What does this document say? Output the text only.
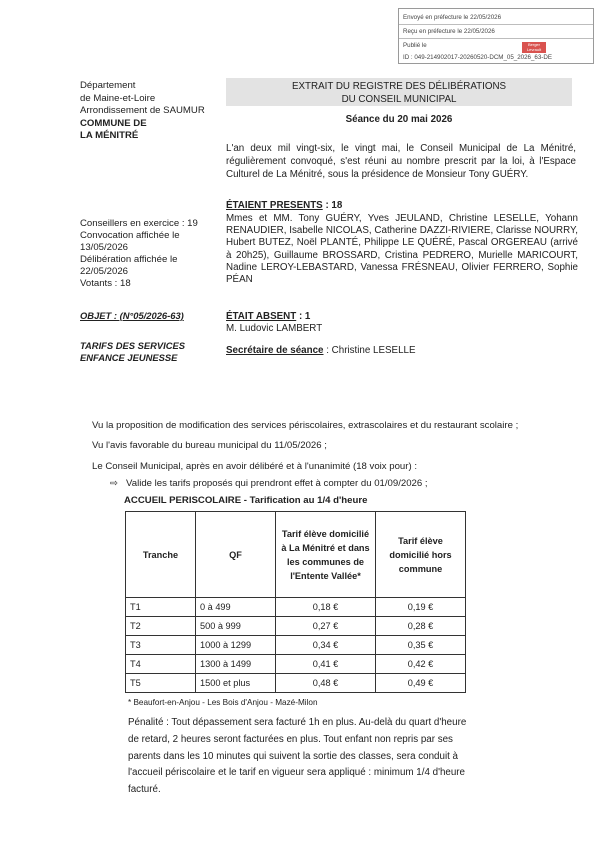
Envoyé en préfecture le 22/05/2026
Reçu en préfecture le 22/05/2026
Publié le	Berger Levrault
ID : 049-214902017-20260520-DCM_05_2026_63-DE
Département
de Maine-et-Loire
Arrondissement de SAUMUR
COMMUNE DE
LA MÉNITRÉ
Conseillers en exercice : 19
Convocation affichée le
13/05/2026
Délibération affichée le
22/05/2026
Votants : 18
OBJET : (N°05/2026-63)
TARIFS DES SERVICES
ENFANCE JEUNESSE
EXTRAIT DU REGISTRE DES DÉLIBÉRATIONS
DU CONSEIL MUNICIPAL
Séance du 20 mai 2026
L'an deux mil vingt-six, le vingt mai, le Conseil Municipal de La Ménitré, régulièrement convoqué, s'est réuni au nombre prescrit par la loi, à l'Espace Culturel de La Ménitré, sous la présidence de Monsieur Tony GUÉRY.
ÉTAIENT PRESENTS : 18
Mmes et MM. Tony GUÉRY, Yves JEULAND, Christine LESELLE, Yohann RENAUDIER, Isabelle NICOLAS, Catherine DAZZI-RIVIERE, Clarisse NOURRY, Hubert BUTEZ, Noël PLANTÉ, Philippe LE QUÉRÉ, Pascal ORGEREAU (arrivé à 20h25), Guillaume BROSSARD, Cristina PEDRERO, Murielle MARICOURT, Nadine LEROY-LEBASTARD, Vanessa FRÉSNEAU, Olivier FERRERO, Sophie PÉAN
ÉTAIT ABSENT : 1
M. Ludovic LAMBERT
Secrétaire de séance : Christine LESELLE
Vu la proposition de modification des services périscolaires, extrascolaires et du restaurant scolaire ;
Vu l'avis favorable du bureau municipal du 11/05/2026 ;
Le Conseil Municipal, après en avoir délibéré et à l'unanimité (18 voix pour) :
⇨ Valide les tarifs proposés qui prendront effet à compter du 01/09/2026 ;
ACCUEIL PERISCOLAIRE - Tarification au 1/4 d'heure
Tranche	QF	Tarif élève domicilié à La Ménitré et dans les communes de l'Entente Vallée*	Tarif élève domicilié hors commune
T1	0 à 499	0,18 €	0,19 €
T2	500 à 999	0,27 €	0,28 €
T3	1000 à 1299	0,34 €	0,35 €
T4	1300 à 1499	0,41 €	0,42 €
T5	1500 et plus	0,48 €	0,49 €
* Beaufort-en-Anjou - Les Bois d'Anjou - Mazé-Milon
Pénalité : Tout dépassement sera facturé 1h en plus. Au-delà du quart d'heure de retard, 2 heures seront facturées en plus. Tout enfant non repris par ses parents dans les 10 minutes qui suivent la sortie des classes, sera conduit à l'accueil périscolaire et le tarif en vigueur sera appliqué : minimum 1/4 d'heure facturé.
